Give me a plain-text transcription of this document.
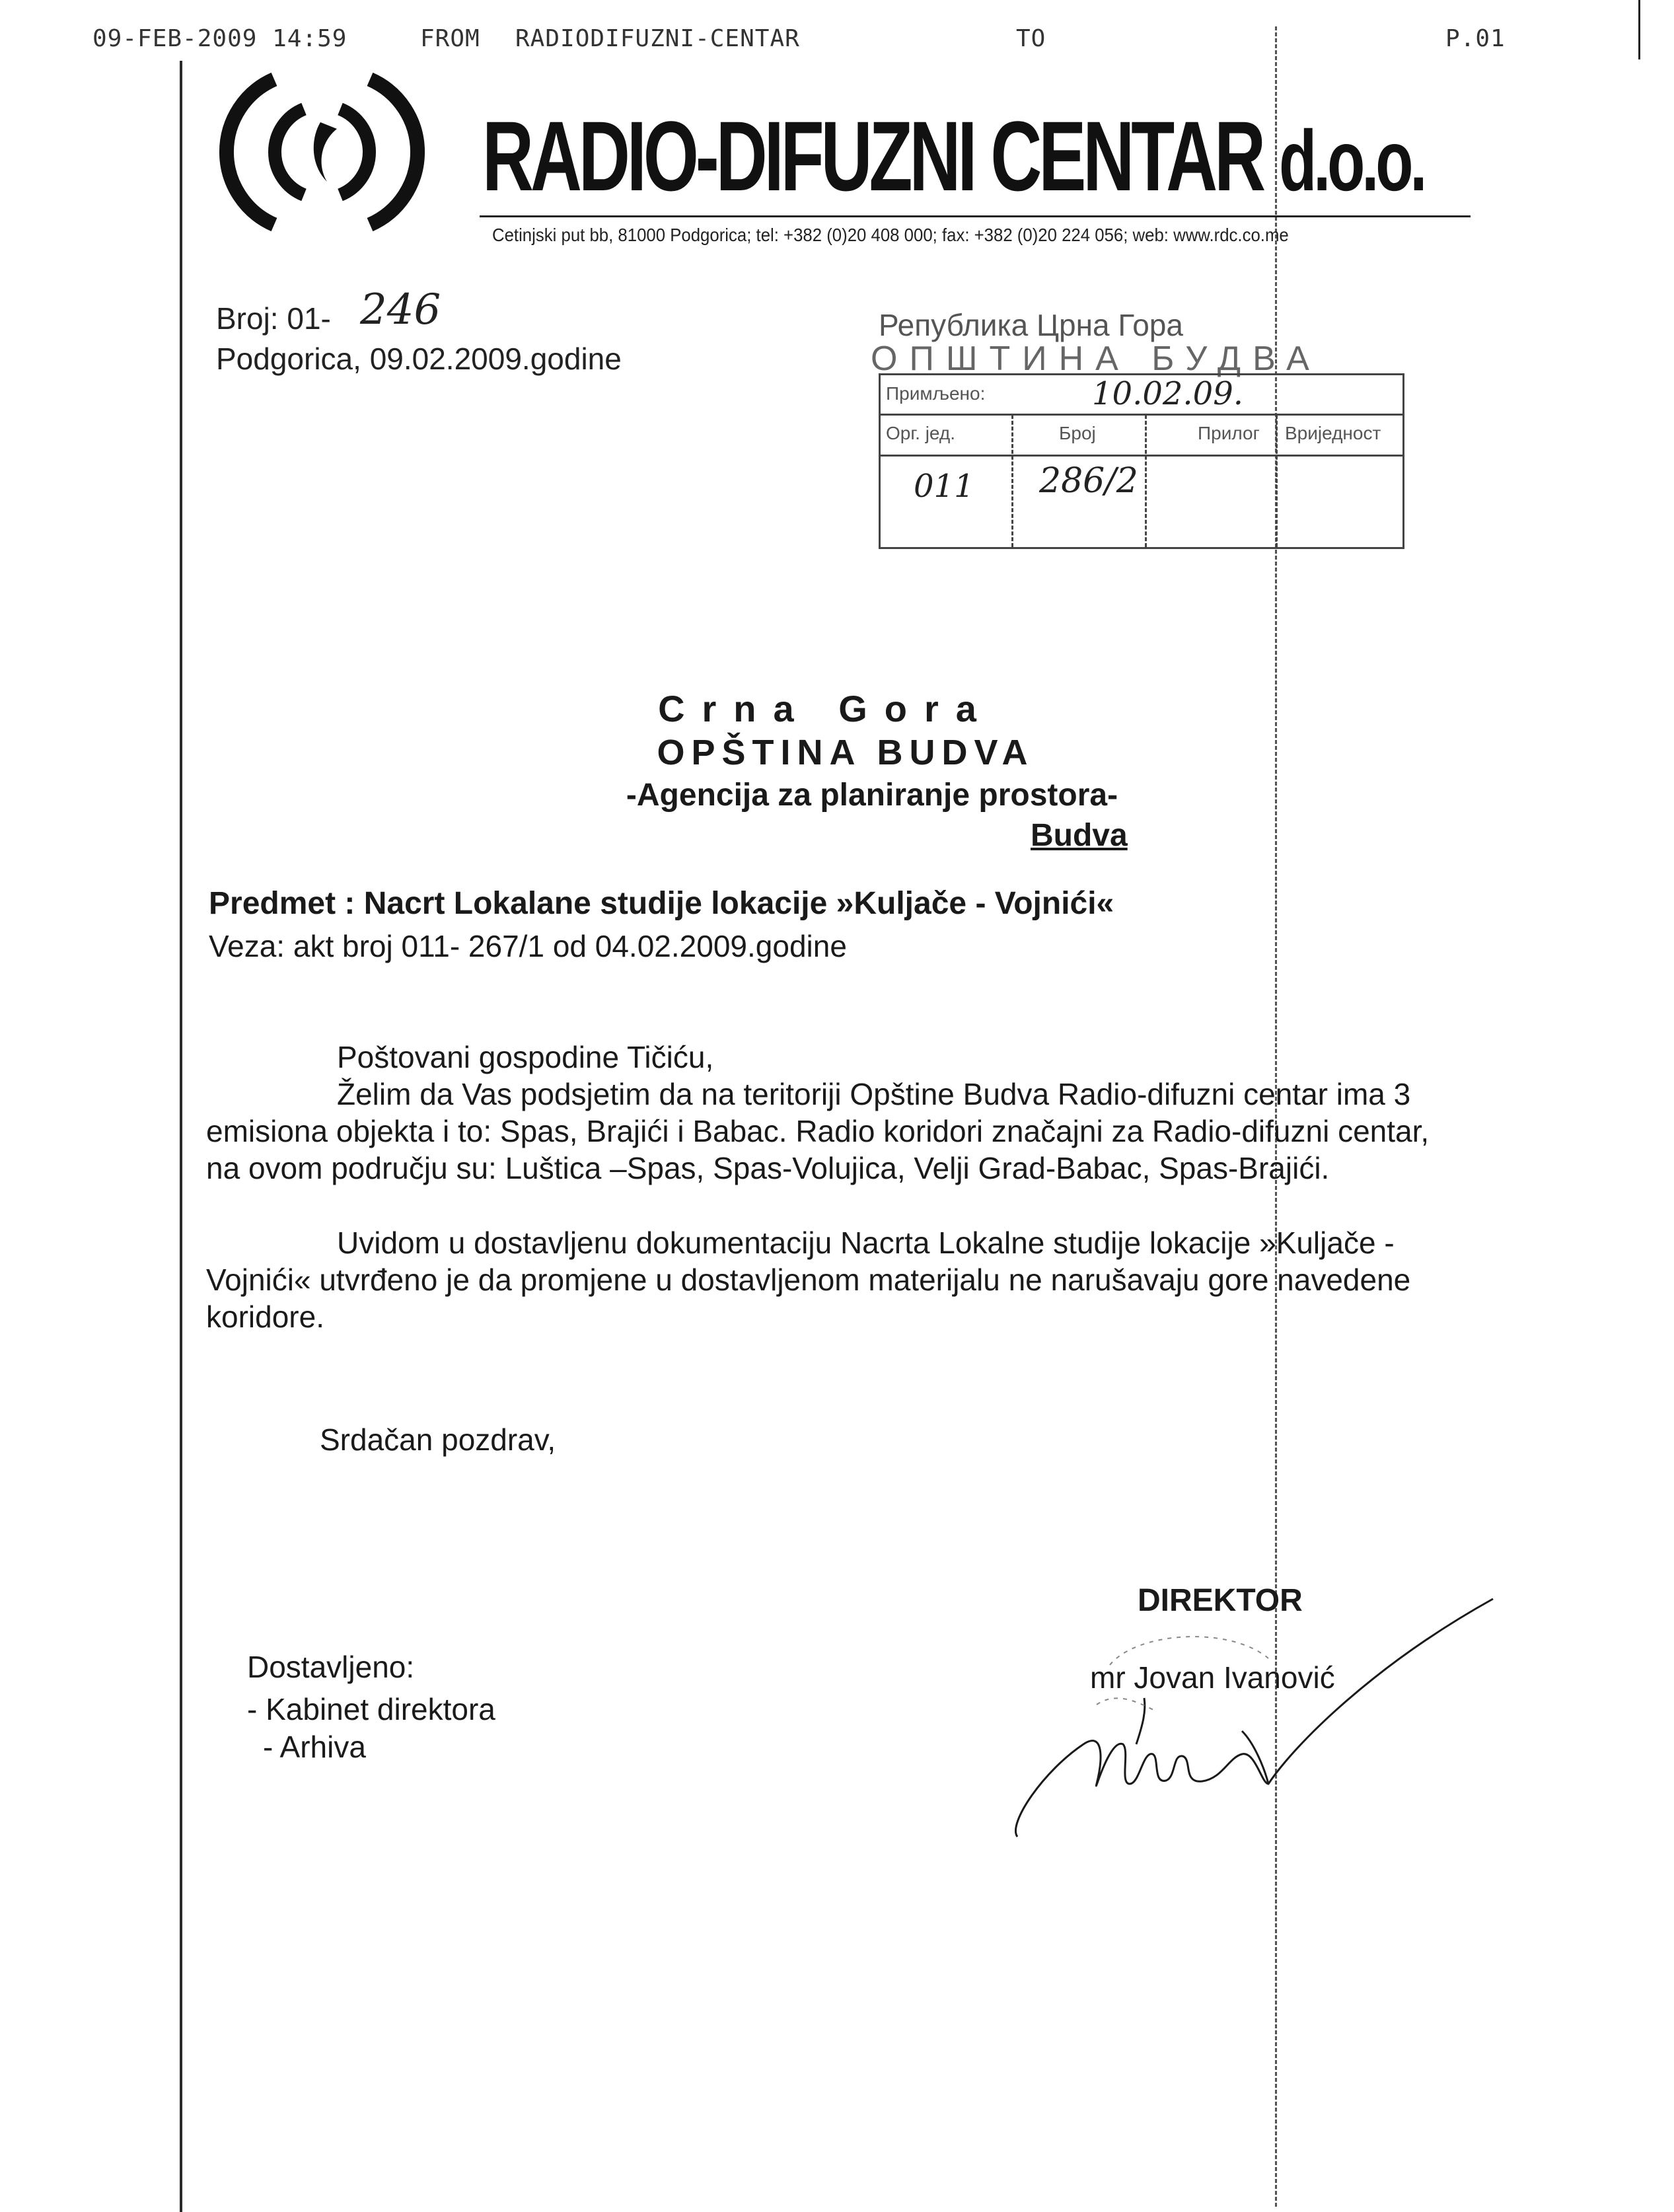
09-FEB-2009 14:59	FROM RADIODIFUZNI-CENTAR	TO	P.01
RADIO-DIFUZNI CENTAR d.o.o.
Cetinjski put bb, 81000 Podgorica; tel: +382 (0)20 408 000; fax: +382 (0)20 224 056; web: www.rdc.co.me
Broj: 01- 246
Podgorica, 09.02.2009.godine
Република Црна Гора
ОПШТИНА БУДВА
Примљено:	10.02.09.
Орг. јед.	Број	Прилог Вриједност
011 286/2
Crna Gora
OPŠTINA BUDVA
-Agencija za planiranje prostora-
Budva
Predmet : Nacrt Lokalane studije lokacije »Kuljače - Vojnići«
Veza: akt broj 011- 267/1 od 04.02.2009.godine
Poštovani gospodine Tičiću,
Želim da Vas podsjetim da na teritoriji Opštine Budva Radio-difuzni centar ima 3 emisiona objekta i to: Spas, Brajići i Babac. Radio koridori značajni za Radio-difuzni centar, na ovom području su: Luštica –Spas, Spas-Volujica, Velji Grad-Babac, Spas-Brajići.
Uvidom u dostavljenu dokumentaciju Nacrta Lokalne studije lokacije »Kuljače - Vojnići« utvrđeno je da promjene u dostavljenom materijalu ne narušavaju gore navedene koridore.
Srdačan pozdrav,
DIREKTOR
mr Jovan Ivanović
Dostavljeno:
- Kabinet direktora
- Arhiva
